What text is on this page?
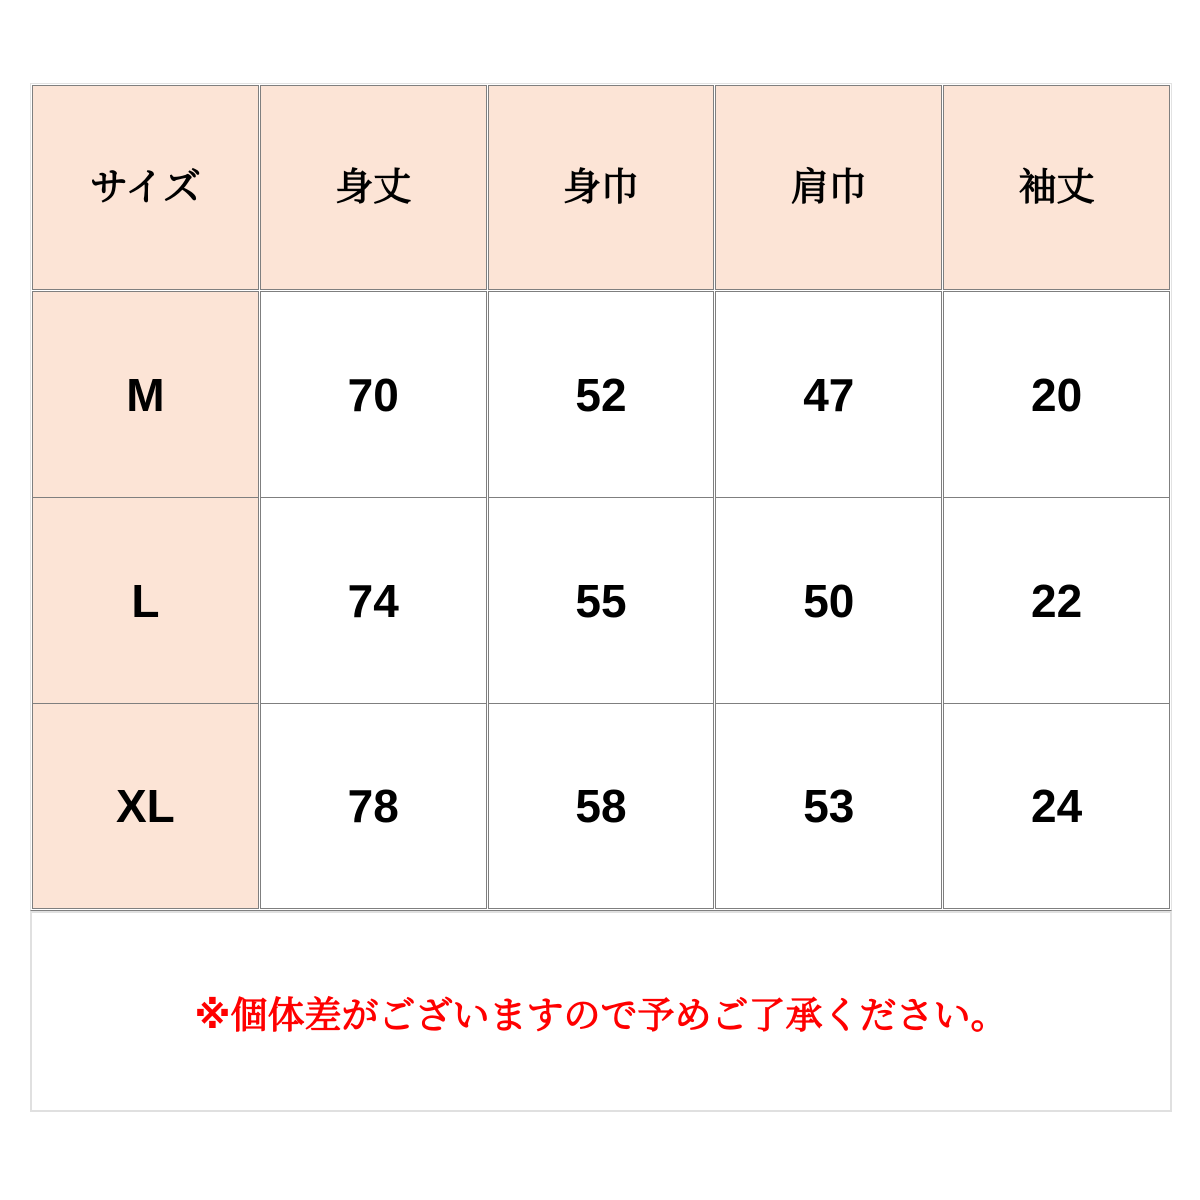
サイズ	身丈	身巾	肩巾	袖丈
M	70	52	47	20
L	74	55	50	22
XL	78	58	53	24
※個体差がございますので予めご了承ください。
